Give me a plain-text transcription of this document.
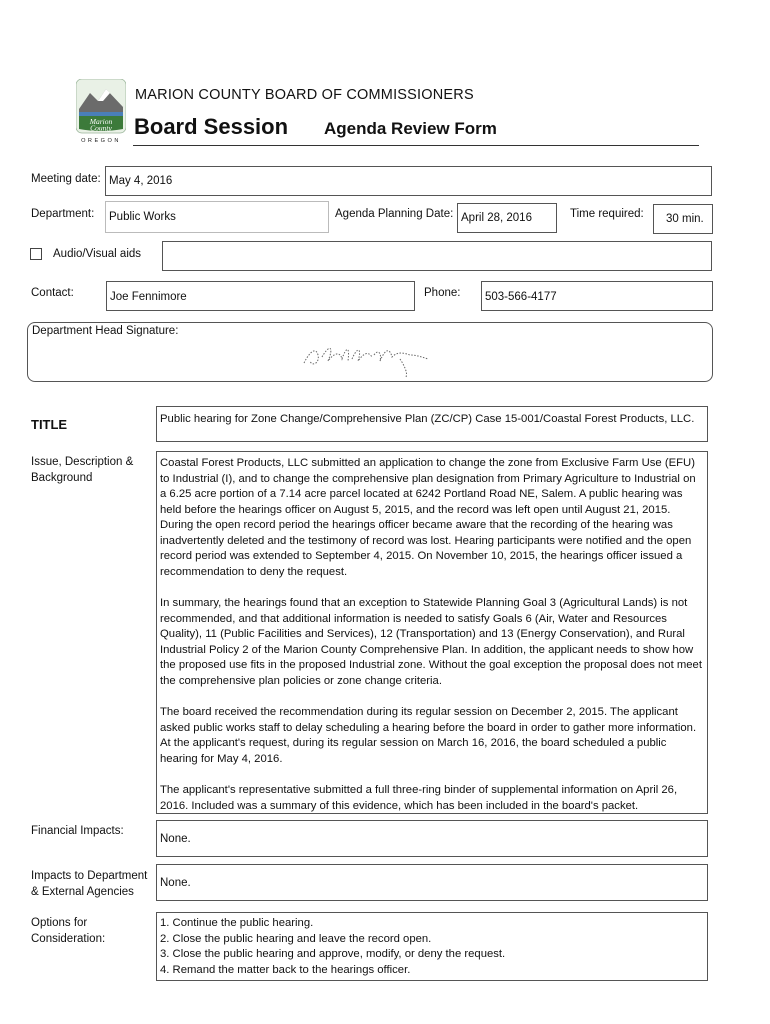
Marion
County
OREGON
MARION COUNTY BOARD OF COMMISSIONERS
Board Session Agenda Review Form
Meeting date: May 4, 2016
Department: Public Works	Agenda Planning Date: April 28, 2016	Time required: 30 min.
Audio/Visual aids
Contact:	Joe Fennimore	Phone: 503-566-4177
Department Head Signature:
TITLE	Public hearing for Zone Change/Comprehensive Plan (ZC/CP) Case 15-001/Coastal Forest Products, LLC.
Issue, Description &
Background

Coastal Forest Products, LLC submitted an application to change the zone from Exclusive Farm Use (EFU) to Industrial (I), and to change the comprehensive plan designation from Primary Agriculture to Industrial on a 6.25 acre portion of a 7.14 acre parcel located at 6242 Portland Road NE, Salem. A public hearing was held before the hearings officer on August 5, 2015, and the record was left open until August 21, 2015. During the open record period the hearings officer became aware that the recording of the hearing was inadvertently deleted and the testimony of record was lost. Hearing participants were notified and the open record period was extended to September 4, 2015. On November 10, 2015, the hearings officer issued a recommendation to deny the request.

In summary, the hearings found that an exception to Statewide Planning Goal 3 (Agricultural Lands) is not recommended, and that additional information is needed to satisfy Goals 6 (Air, Water and Resources Quality), 11 (Public Facilities and Services), 12 (Transportation) and 13 (Energy Conservation), and Rural Industrial Policy 2 of the Marion County Comprehensive Plan. In addition, the applicant needs to show how the proposed use fits in the proposed Industrial zone. Without the goal exception the proposal does not meet the comprehensive plan policies or zone change criteria.

The board received the recommendation during its regular session on December 2, 2015. The applicant asked public works staff to delay scheduling a hearing before the board in order to gather more information. At the applicant's request, during its regular session on March 16, 2016, the board scheduled a public hearing for May 4, 2016.

The applicant's representative submitted a full three-ring binder of supplemental information on April 26, 2016. Included was a summary of this evidence, which has been included in the board's packet.

Financial Impacts:
None.
Impacts to Department
& External Agencies
None.
Options for
Consideration:
1. Continue the public hearing.
2. Close the public hearing and leave the record open.
3. Close the public hearing and approve, modify, or deny the request.
4. Remand the matter back to the hearings officer.
